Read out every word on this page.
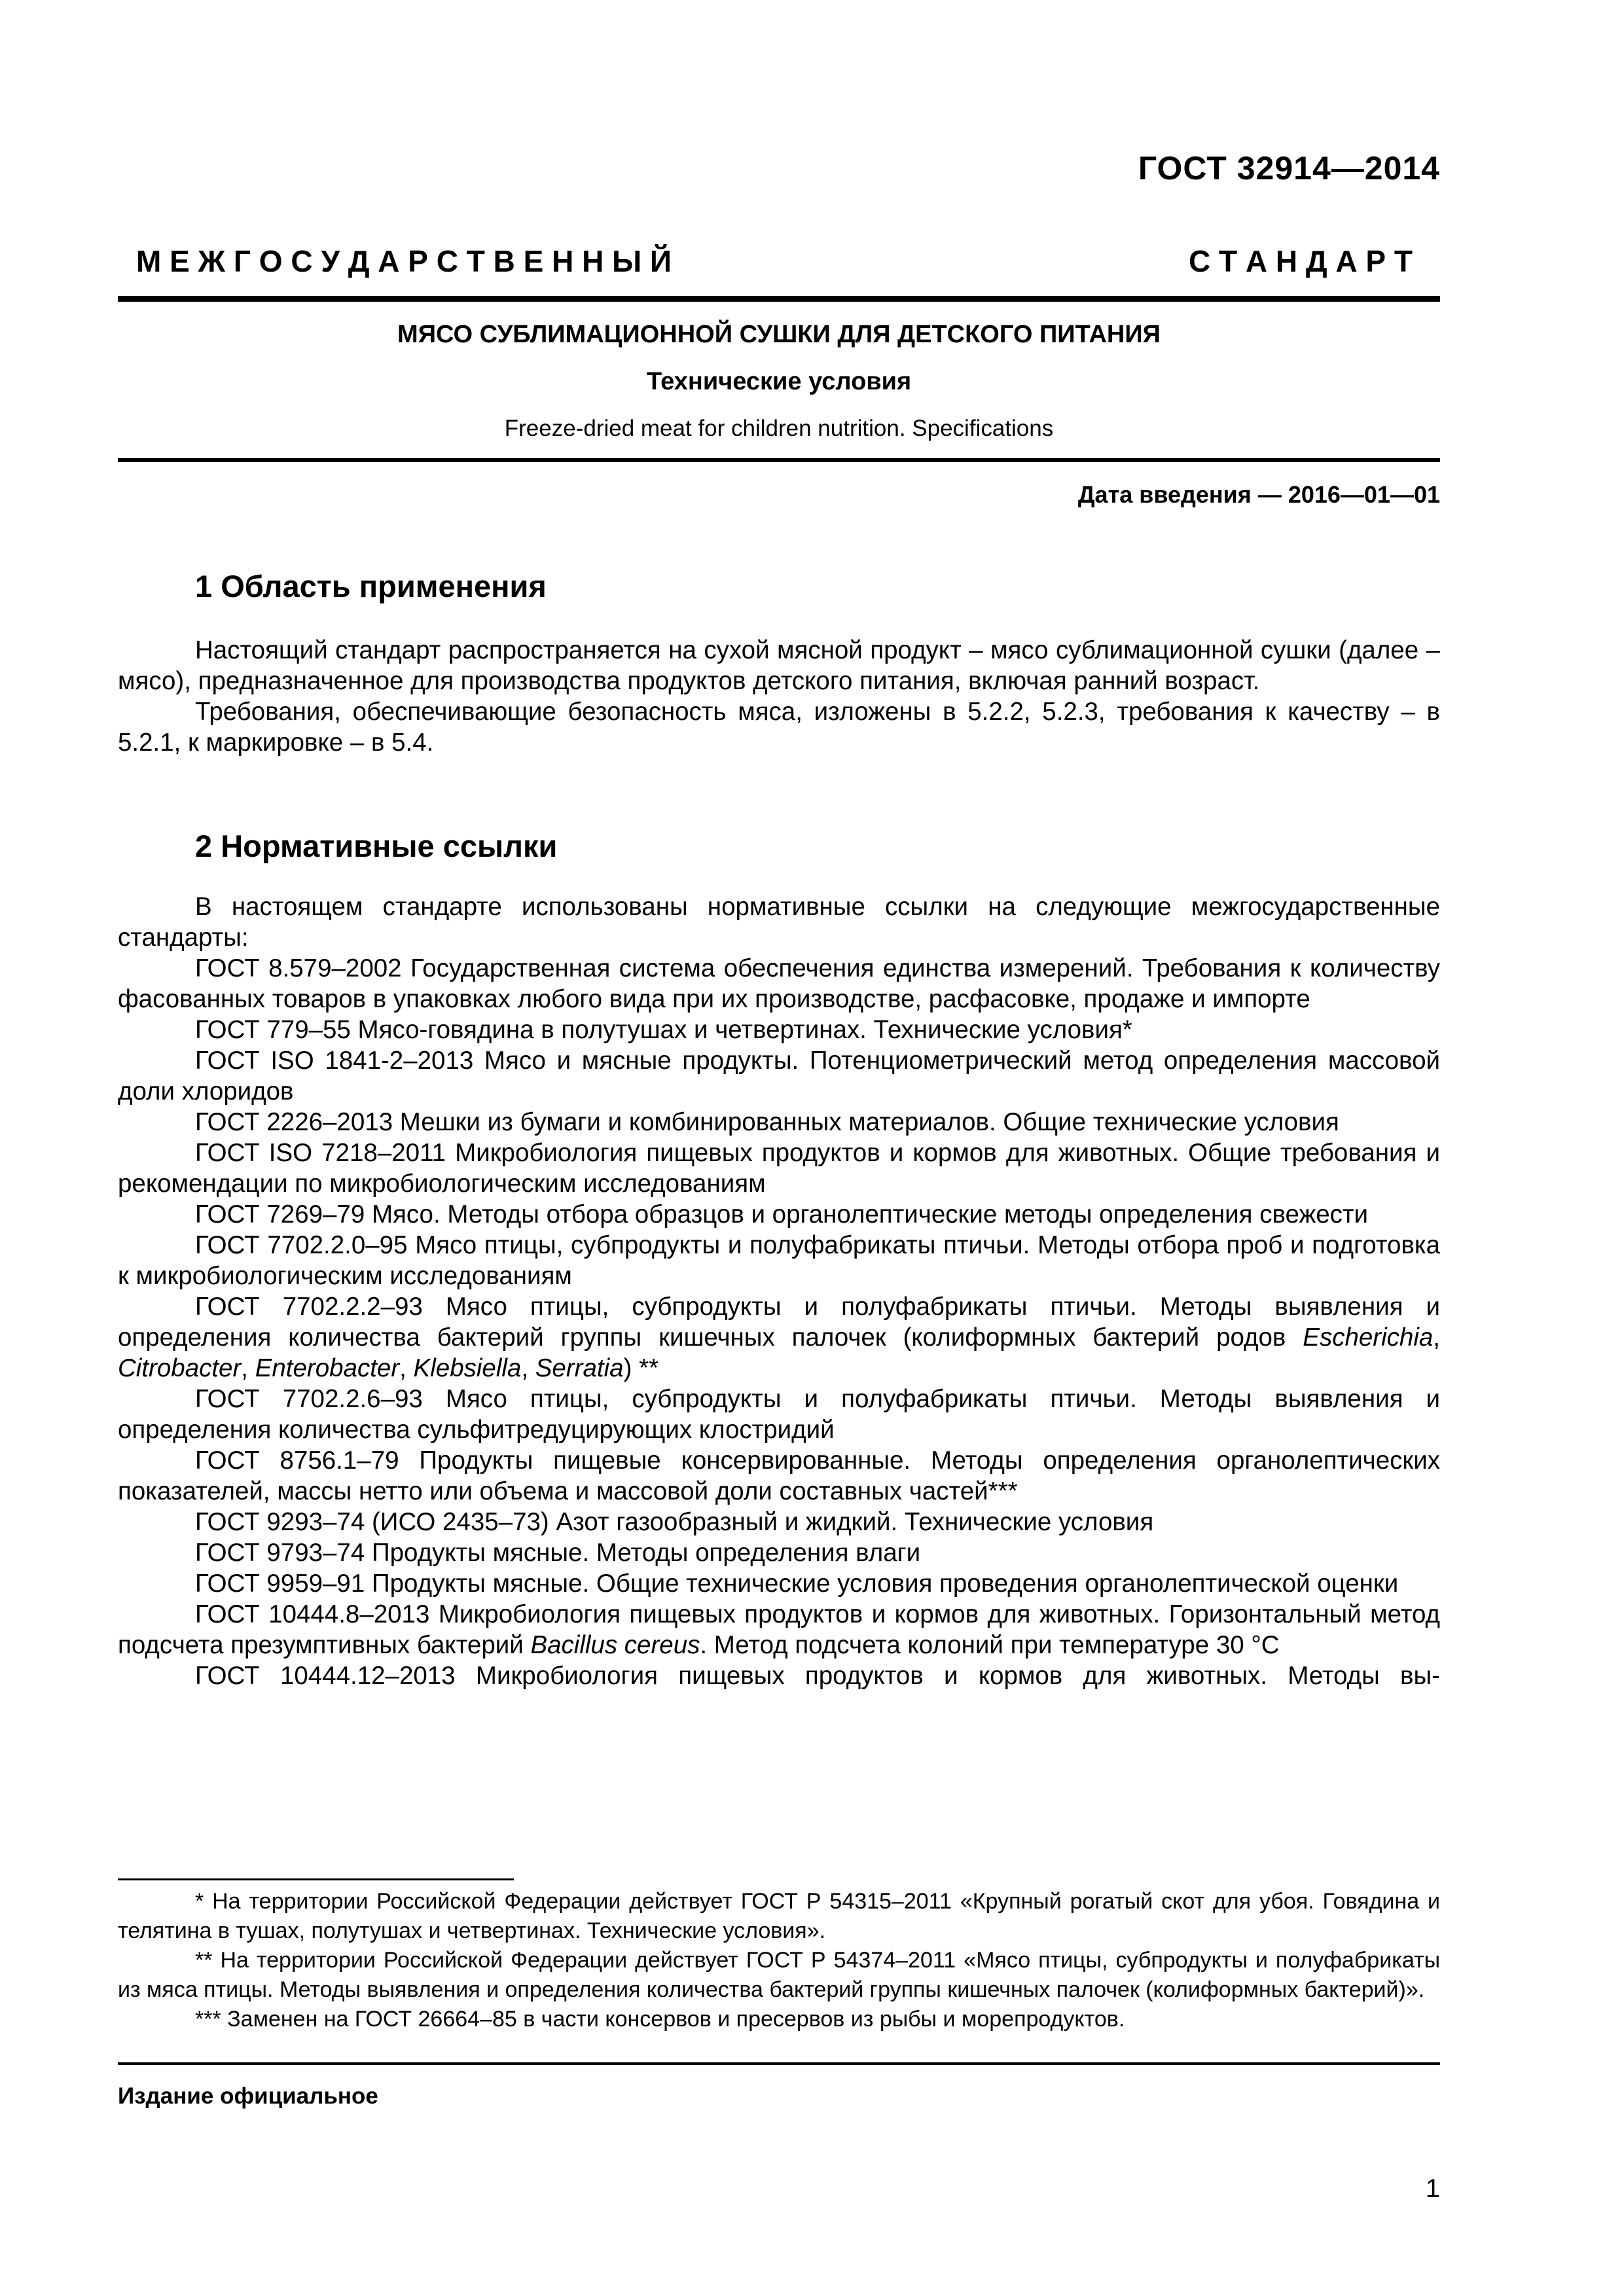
ГОСТ 32914—2014
М Е Ж Г О С У Д А Р С Т В Е Н Н Ы Й	С Т А Н Д А Р Т
МЯСО СУБЛИМАЦИОННОЙ СУШКИ ДЛЯ ДЕТСКОГО ПИТАНИЯ
Технические условия
Freeze-dried meat for children nutrition. Specifications
Дата введения — 2016—01—01
1 Область применения

Настоящий стандарт распространяется на сухой мясной продукт – мясо сублимационной сушки (далее – мясо), предназначенное для производства продуктов детского питания, включая ранний возраст.

Требования, обеспечивающие безопасность мяса, изложены в 5.2.2, 5.2.3, требования к качеству – в 5.2.1, к маркировке – в 5.4.

2 Нормативные ссылки

В настоящем стандарте использованы нормативные ссылки на следующие межгосударственные стандарты:

ГОСТ 8.579–2002 Государственная система обеспечения единства измерений. Требования к количеству фасованных товаров в упаковках любого вида при их производстве, расфасовке, продаже и импорте

ГОСТ 779–55 Мясо-говядина в полутушах и четвертинах. Технические условия*

ГОСТ ISO 1841-2–2013 Мясо и мясные продукты. Потенциометрический метод определения массовой доли хлоридов

ГОСТ 2226–2013 Мешки из бумаги и комбинированных материалов. Общие технические условия

ГОСТ ISO 7218–2011 Микробиология пищевых продуктов и кормов для животных. Общие требования и рекомендации по микробиологическим исследованиям

ГОСТ 7269–79 Мясо. Методы отбора образцов и органолептические методы определения свежести

ГОСТ 7702.2.0–95 Мясо птицы, субпродукты и полуфабрикаты птичьи. Методы отбора проб и подготовка к микробиологическим исследованиям

ГОСТ 7702.2.2–93 Мясо птицы, субпродукты и полуфабрикаты птичьи. Методы выявления и определения количества бактерий группы кишечных палочек (колиформных бактерий родов Escherichia, Citrobacter, Enterobacter, Klebsiella, Serratia) **

ГОСТ 7702.2.6–93 Мясо птицы, субпродукты и полуфабрикаты птичьи. Методы выявления и определения количества сульфитредуцирующих клостридий

ГОСТ 8756.1–79 Продукты пищевые консервированные. Методы определения органолептических показателей, массы нетто или объема и массовой доли составных частей***

ГОСТ 9293–74 (ИСО 2435–73) Азот газообразный и жидкий. Технические условия

ГОСТ 9793–74 Продукты мясные. Методы определения влаги

ГОСТ 9959–91 Продукты мясные. Общие технические условия проведения органолептической оценки

ГОСТ 10444.8–2013 Микробиология пищевых продуктов и кормов для животных. Горизонтальный метод подсчета презумптивных бактерий Bacillus cereus. Метод подсчета колоний при температуре 30 °С

ГОСТ 10444.12–2013 Микробиология пищевых продуктов и кормов для животных. Методы вы-

* На территории Российской Федерации действует ГОСТ Р 54315–2011 «Крупный рогатый скот для убоя. Говядина и телятина в тушах, полутушах и четвертинах. Технические условия».

** На территории Российской Федерации действует ГОСТ Р 54374–2011 «Мясо птицы, субпродукты и полуфабрикаты из мяса птицы. Методы выявления и определения количества бактерий группы кишечных палочек (колиформных бактерий)».

*** Заменен на ГОСТ 26664–85 в части консервов и пресервов из рыбы и морепродуктов.

Издание официальное
1
